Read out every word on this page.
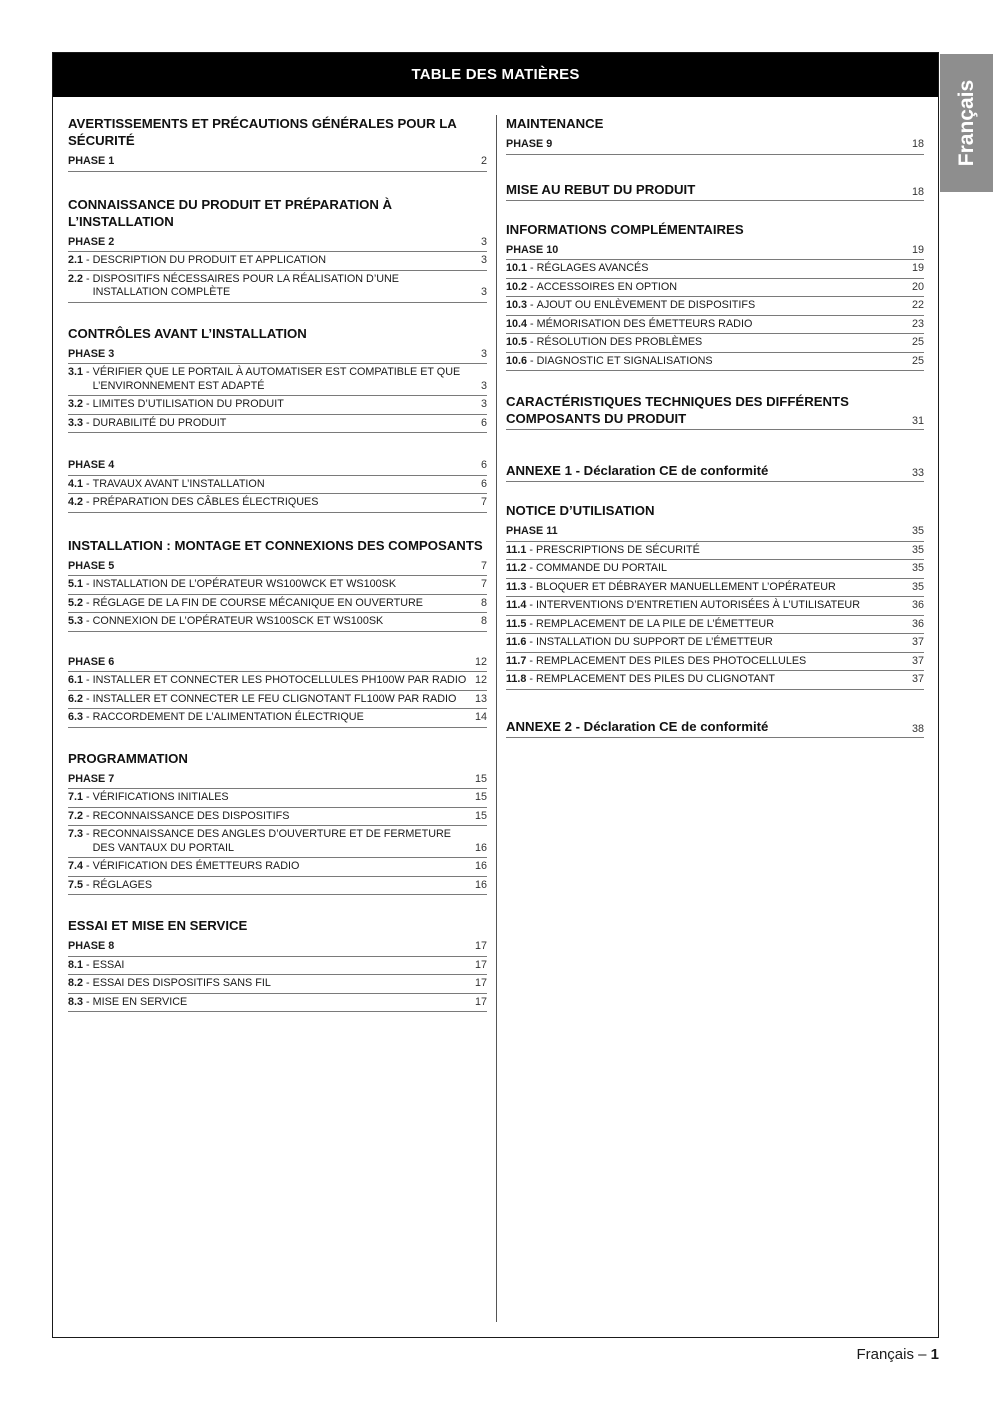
TABLE DES MATIÈRES
Français
AVERTISSEMENTS ET PRÉCAUTIONS GÉNÉRALES POUR LA SÉCURITÉ
PHASE 1	2
CONNAISSANCE DU PRODUIT ET PRÉPARATION À L’INSTALLATION
PHASE 2	3
2.1 - DESCRIPTION DU PRODUIT ET APPLICATION	3
2.2 - DISPOSITIFS NÉCESSAIRES POUR LA RÉALISATION D’UNE INSTALLATION COMPLÈTE	3
CONTRÔLES AVANT L’INSTALLATION
PHASE 3	3
3.1 - VÉRIFIER QUE LE PORTAIL À AUTOMATISER EST COMPATIBLE ET QUE L’ENVIRONNEMENT EST ADAPTÉ	3
3.2 - LIMITES D’UTILISATION DU PRODUIT	3
3.3 - DURABILITÉ DU PRODUIT	6
PHASE 4	6
4.1 - TRAVAUX AVANT L’INSTALLATION	6
4.2 - PRÉPARATION DES CÂBLES ÉLECTRIQUES	7
INSTALLATION : MONTAGE ET CONNEXIONS DES COMPOSANTS
PHASE 5	7
5.1 - INSTALLATION DE L’OPÉRATEUR WS100WCK ET WS100SK	7
5.2 - RÉGLAGE DE LA FIN DE COURSE MÉCANIQUE EN OUVERTURE	8
5.3 - CONNEXION DE L’OPÉRATEUR WS100SCK ET WS100SK	8
PHASE 6	12
6.1 - INSTALLER ET CONNECTER LES PHOTOCELLULES PH100W PAR RADIO 12
6.2 - INSTALLER ET CONNECTER LE FEU CLIGNOTANT FL100W PAR RADIO	13
6.3 - RACCORDEMENT DE L’ALIMENTATION ÉLECTRIQUE	14
PROGRAMMATION
PHASE 7	15
7.1 - VÉRIFICATIONS INITIALES	15
7.2 - RECONNAISSANCE DES DISPOSITIFS	15
7.3 - RECONNAISSANCE DES ANGLES D’OUVERTURE ET DE FERMETURE DES VANTAUX DU PORTAIL	16
7.4 - VÉRIFICATION DES ÉMETTEURS RADIO	16
7.5 - RÉGLAGES	16
ESSAI ET MISE EN SERVICE
PHASE 8	17
8.1 - ESSAI	17
8.2 - ESSAI DES DISPOSITIFS SANS FIL	17
8.3 - MISE EN SERVICE	17
MAINTENANCE
PHASE 9	18
MISE AU REBUT DU PRODUIT	18
INFORMATIONS COMPLÉMENTAIRES
PHASE 10	19
10.1 - RÉGLAGES AVANCÉS	19
10.2 - ACCESSOIRES EN OPTION	20
10.3 - AJOUT OU ENLÈVEMENT DE DISPOSITIFS	22
10.4 - MÉMORISATION DES ÉMETTEURS RADIO	23
10.5 - RÉSOLUTION DES PROBLÈMES	25
10.6 - DIAGNOSTIC ET SIGNALISATIONS	25
CARACTÉRISTIQUES TECHNIQUES DES DIFFÉRENTS COMPOSANTS DU PRODUIT	31
ANNEXE 1 - Déclaration CE de conformité	33
NOTICE D’UTILISATION
PHASE 11	35
11.1 - PRESCRIPTIONS DE SÉCURITÉ	35
11.2 - COMMANDE DU PORTAIL	35
11.3 - BLOQUER ET DÉBRAYER MANUELLEMENT L’OPÉRATEUR	35
11.4 - INTERVENTIONS D’ENTRETIEN AUTORISÉES À L’UTILISATEUR	36
11.5 - REMPLACEMENT DE LA PILE DE L’ÉMETTEUR	36
11.6 - INSTALLATION DU SUPPORT DE L’ÉMETTEUR	37
11.7 - REMPLACEMENT DES PILES DES PHOTOCELLULES	37
11.8 - REMPLACEMENT DES PILES DU CLIGNOTANT	37
ANNEXE 2 - Déclaration CE de conformité	38
Français – 1
